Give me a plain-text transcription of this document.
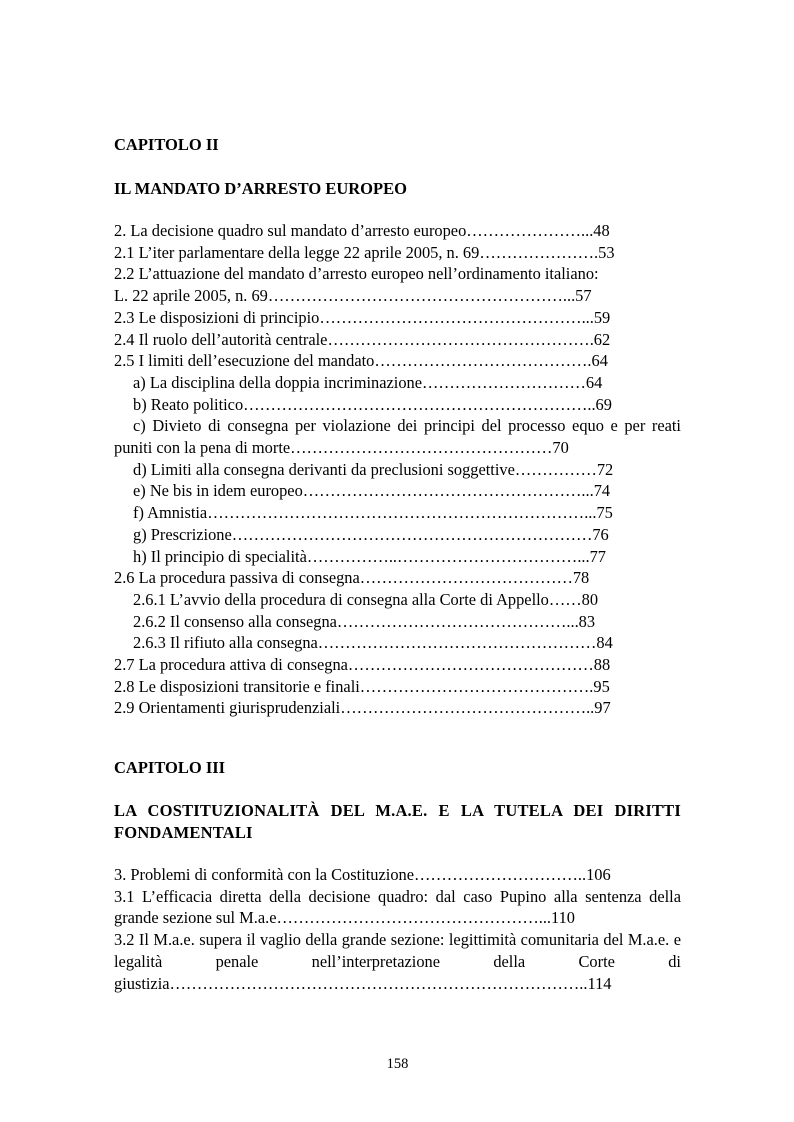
CAPITOLO II

IL MANDATO D’ARRESTO EUROPEO

2. La decisione quadro sul mandato d’arresto europeo…………………...48

2.1 L’iter parlamentare della legge 22 aprile 2005, n. 69………………….53

2.2 L’attuazione del mandato d’arresto europeo nell’ordinamento italiano:

L. 22 aprile 2005, n. 69………………………………………………...57

2.3 Le disposizioni di principio…………………………………………...59

2.4 Il ruolo dell’autorità centrale………………………………………….62

2.5 I limiti dell’esecuzione del mandato………………………………….64

a) La disciplina della doppia incriminazione…………………………64

b) Reato politico………………………………………………………..69

c) Divieto di consegna per violazione dei principi del processo equo e per reati puniti con la pena di morte…………………………………………70

d) Limiti alla consegna derivanti da preclusioni soggettive……………72

e) Ne bis in idem europeo……………………………………………...74

f) Amnistia……………………………………………………………...75

g) Prescrizione…………………………………………………………76

h) Il principio di specialità……………..……………………………...77

2.6 La procedura passiva di consegna…………………………………78

2.6.1 L’avvio della procedura di consegna alla Corte di Appello……80

2.6.2 Il consenso alla consegna……………………………………...83

2.6.3 Il rifiuto alla consegna……………………………………………84

2.7 La procedura attiva di consegna………………………………………88

2.8 Le disposizioni transitorie e finali…………………………………….95

2.9 Orientamenti giurisprudenziali………………………………………..97

CAPITOLO III

LA COSTITUZIONALITÀ DEL M.A.E. E LA TUTELA DEI DIRITTI FONDAMENTALI

3. Problemi di conformità con la Costituzione…………………………..106

3.1 L’efficacia diretta della decisione quadro: dal caso Pupino alla sentenza della grande sezione sul M.a.e…………………………………………...110

3.2 Il M.a.e. supera il vaglio della grande sezione: legittimità comunitaria del M.a.e. e legalità penale nell’interpretazione della Corte di giustizia…………………………………………………………………..114

158
